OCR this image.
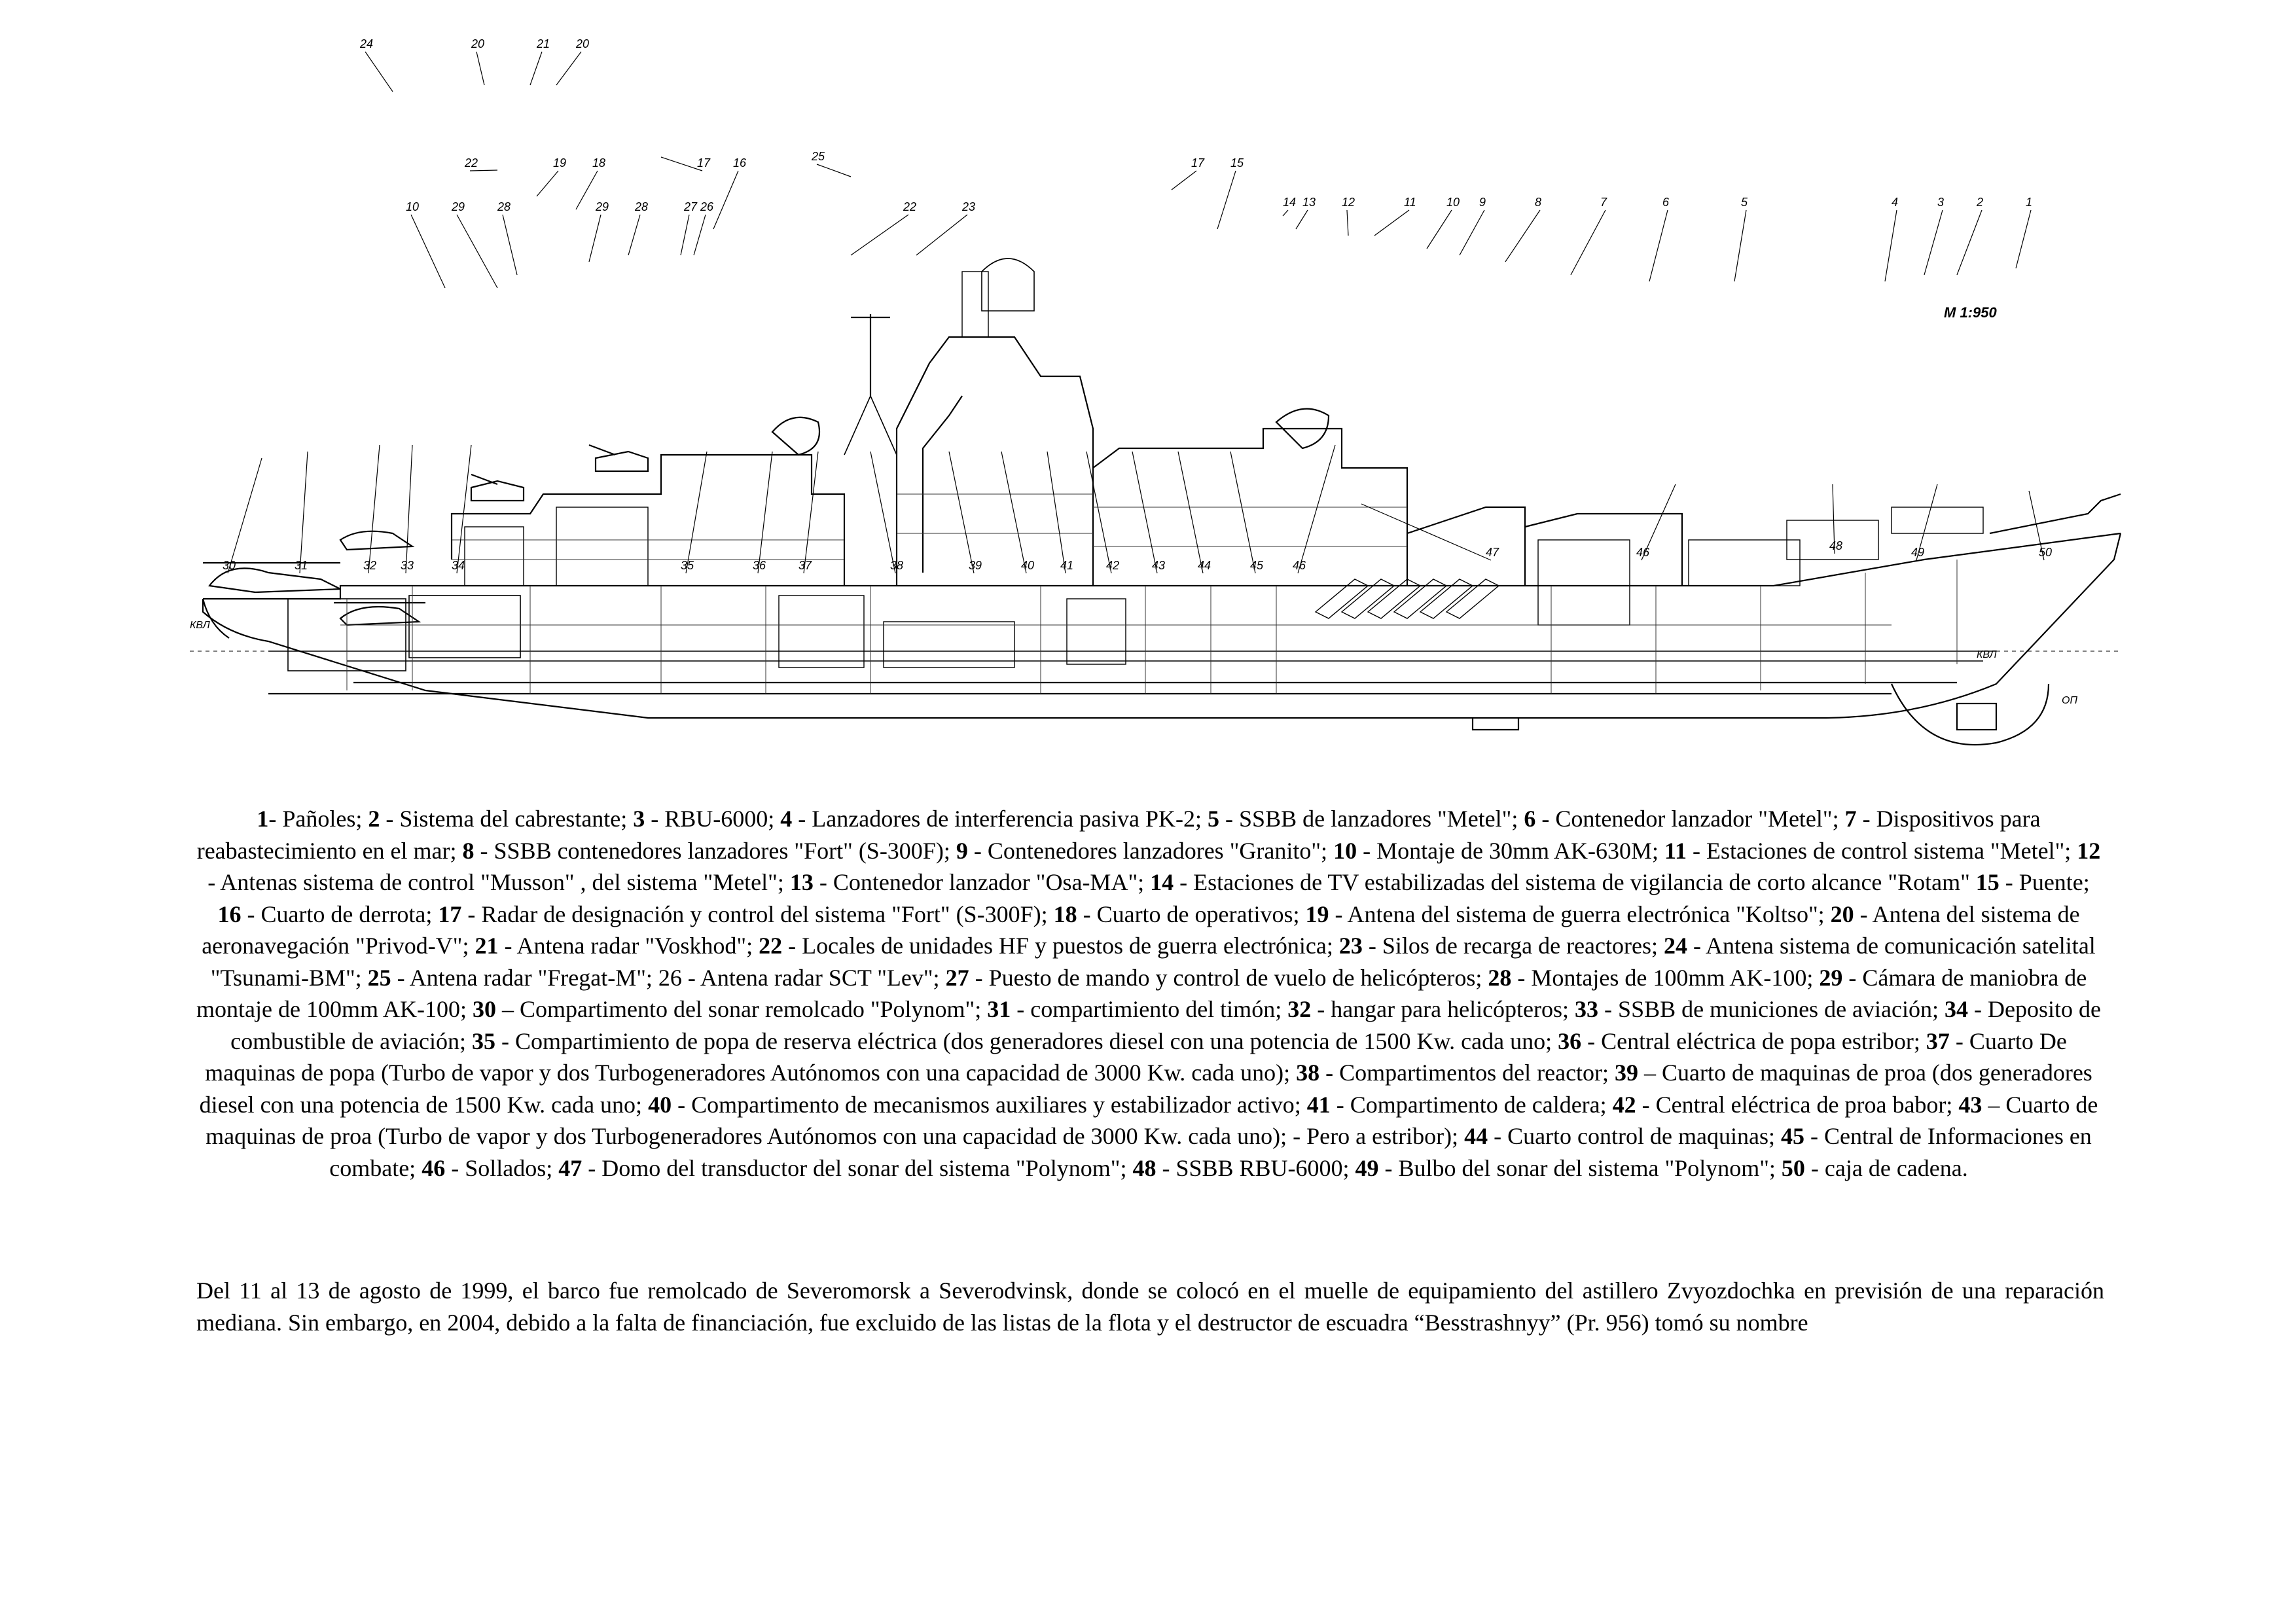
M 1:950
КВЛ
КВЛ
ОП
24	20	21 20
22	19 18	17 16	25	17 15
14 13 12	11	10 9	8	7	6	5	4	3	2	1
10	29	28	29 28	27 26	22	23
30	31	32 33	34	35	36	37	38	39	40 41	42	43	44	45 46
47	46	48	49	50
1- Pañoles; 2 - Sistema del cabrestante; 3 - RBU-6000; 4 - Lanzadores de interferencia pasiva PK-2; 5 - SSBB de lanzadores "Metel"; 6 - Contenedor lanzador "Metel"; 7 - Dispositivos para reabastecimiento en el mar; 8 - SSBB contenedores lanzadores "Fort" (S-300F); 9 - Contenedores lanzadores "Granito"; 10 - Montaje de 30mm AK-630M; 11 - Estaciones de control sistema "Metel"; 12 - Antenas sistema de control "Musson" , del sistema "Metel"; 13 - Contenedor lanzador "Osa-MA"; 14 - Estaciones de TV estabilizadas del sistema de vigilancia de corto alcance "Rotam" 15 - Puente; 16 - Cuarto de derrota; 17 - Radar de designación y control del sistema "Fort" (S-300F); 18 - Cuarto de operativos; 19 - Antena del sistema de guerra electrónica "Koltso"; 20 - Antena del sistema de aeronavegación "Privod-V"; 21 - Antena radar "Voskhod"; 22 - Locales de unidades HF y puestos de guerra electrónica; 23 - Silos de recarga de reactores; 24 - Antena sistema de comunicación satelital "Tsunami-BM"; 25 - Antena radar "Fregat-M"; 26 - Antena radar SCT "Lev"; 27 - Puesto de mando y control de vuelo de helicópteros; 28 - Montajes de 100mm AK-100; 29 - Cámara de maniobra de montaje de 100mm AK-100; 30 – Compartimento del sonar remolcado "Polynom"; 31 - compartimiento del timón; 32 - hangar para helicópteros; 33 - SSBB de municiones de aviación; 34 - Deposito de combustible de aviación; 35 - Compartimiento de popa de reserva eléctrica (dos generadores diesel con una potencia de 1500 Kw. cada uno; 36 - Central eléctrica de popa estribor; 37 - Cuarto De maquinas de popa (Turbo de vapor y dos Turbogeneradores Autónomos con una capacidad de 3000 Kw. cada uno); 38 - Compartimentos del reactor; 39 – Cuarto de maquinas de proa (dos generadores diesel con una potencia de 1500 Kw. cada uno; 40 - Compartimento de mecanismos auxiliares y estabilizador activo; 41 - Compartimento de caldera; 42 - Central eléctrica de proa babor; 43 – Cuarto de maquinas de proa (Turbo de vapor y dos Turbogeneradores Autónomos con una capacidad de 3000 Kw. cada uno); - Pero a estribor); 44 - Cuarto control de maquinas; 45 - Central de Informaciones en combate; 46 - Sollados; 47 - Domo del transductor del sonar del sistema "Polynom"; 48 - SSBB RBU-6000; 49 - Bulbo del sonar del sistema "Polynom"; 50 - caja de cadena.
Del 11 al 13 de agosto de 1999, el barco fue remolcado de Severomorsk a Severodvinsk, donde se colocó en el muelle de equipamiento del astillero Zvyozdochka en previsión de una reparación mediana. Sin embargo, en 2004, debido a la falta de financiación, fue excluido de las listas de la flota y el destructor de escuadra “Besstrashnyy” (Pr. 956) tomó su nombre
